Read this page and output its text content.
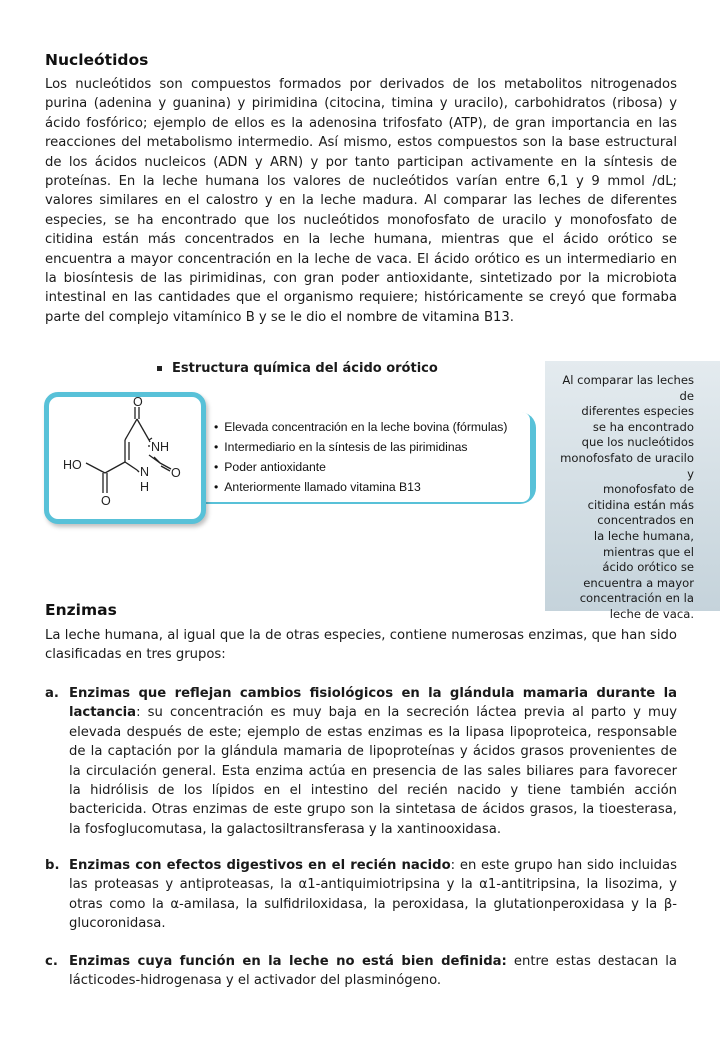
Nucleótidos

Los nucleótidos son compuestos formados por derivados de los metabolitos nitrogenados purina (adenina y guanina) y pirimidina (citocina, timina y uracilo), carbohidratos (ribosa) y ácido fosfórico; ejemplo de ellos es la adenosina trifosfato (ATP), de gran importancia en las reacciones del metabolismo intermedio. Así mismo, estos compuestos son la base estructural de los ácidos nucleicos (ADN y ARN) y por tanto participan activamente en la síntesis de proteínas. En la leche humana los valores de nucleótidos varían entre 6,1 y 9 mmol /dL; valores similares en el calostro y en la leche madura. Al comparar las leches de diferentes especies, se ha encontrado que los nucleótidos monofosfato de uracilo y monofosfato de citidina están más concentrados en la leche humana, mientras que el ácido orótico se encuentra a mayor concentración en la leche de vaca. El ácido orótico es un intermediario en la biosíntesis de las pirimidinas, con gran poder antioxidante, sintetizado por la microbiota intestinal en las cantidades que el organismo requiere; históricamente se creyó que formaba parte del complejo vitamínico B y se le dio el nombre de vitamina B13.

Estructura química del ácido orótico
• Elevada concentración en la leche bovina (fórmulas)
• Intermediario en la síntesis de las pirimidinas
• Poder antioxidante
• Anteriormente llamado vitamina B13
O
NH
N
H
O
HO
O
Al comparar las leches de
diferentes especies
se ha encontrado
que los nucleótidos
monofosfato de uracilo y
monofosfato de
citidina están más
concentrados en
la leche humana,
mientras que el
ácido orótico se
encuentra a mayor
concentración en la
leche de vaca.
Enzimas

La leche humana, al igual que la de otras especies, contiene numerosas enzimas, que han sido clasificadas en tres grupos:

a. Enzimas que reflejan cambios fisiológicos en la glándula mamaria durante la lactancia: su concentración es muy baja en la secreción láctea previa al parto y muy elevada después de este; ejemplo de estas enzimas es la lipasa lipoproteica, responsable de la captación por la glándula mamaria de lipoproteínas y ácidos grasos provenientes de la circulación general. Esta enzima actúa en presencia de las sales biliares para favorecer la hidrólisis de los lípidos en el intestino del recién nacido y tiene también acción bactericida. Otras enzimas de este grupo son la sintetasa de ácidos grasos, la tioesterasa, la fosfoglucomutasa, la galactosiltransferasa y la xantinooxidasa.

b. Enzimas con efectos digestivos en el recién nacido: en este grupo han sido incluidas las proteasas y antiproteasas, la α1-antiquimiotripsina y la α1-antitripsina, la lisozima, y otras como la α-amilasa, la sulfidriloxidasa, la peroxidasa, la glutationperoxidasa y la β-glucoronidasa.

c. Enzimas cuya función en la leche no está bien definida: entre estas destacan la lácticodes-hidrogenasa y el activador del plasminógeno.
